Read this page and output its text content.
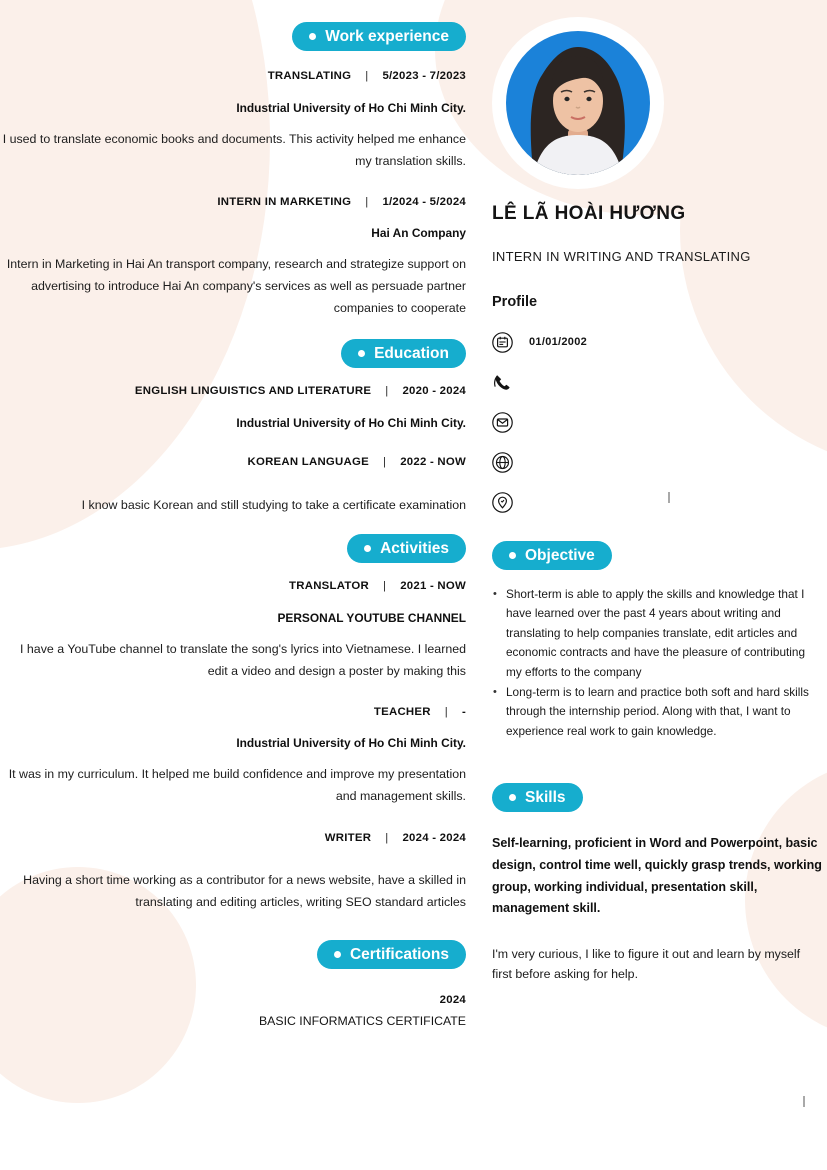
Work experience
TRANSLATING | 5/2023 - 7/2023
Industrial University of Ho Chi Minh City.
I used to translate economic books and documents. This activity helped me enhance my translation skills.
INTERN IN MARKETING | 1/2024 - 5/2024
Hai An Company
Intern in Marketing in Hai An transport company, research and strategize support on advertising to introduce Hai An company's services as well as persuade partner companies to cooperate
Education
ENGLISH LINGUISTICS AND LITERATURE | 2020 - 2024
Industrial University of Ho Chi Minh City.
KOREAN LANGUAGE | 2022 - NOW
I know basic Korean and still studying to take a certificate examination
Activities
TRANSLATOR | 2021 - NOW
PERSONAL YOUTUBE CHANNEL
I have a YouTube channel to translate the song's lyrics into Vietnamese. I learned edit a video and design a poster by making this
TEACHER | -
Industrial University of Ho Chi Minh City.
It was in my curriculum. It helped me build confidence and improve my presentation and management skills.
WRITER | 2024 - 2024
Having a short time working as a contributor for a news website, have a skilled in translating and editing articles, writing SEO standard articles
Certifications
2024
BASIC INFORMATICS CERTIFICATE
LÊ LÃ HOÀI HƯƠNG
INTERN IN WRITING AND TRANSLATING
Profile
01/01/2002
Objective
• Short-term is able to apply the skills and knowledge that I have learned over the past 4 years about writing and translating to help companies translate, edit articles and economic contracts and have the pleasure of contributing my efforts to the company
• Long-term is to learn and practice both soft and hard skills through the internship period. Along with that, I want to experience real work to gain knowledge.
Skills
Self-learning, proficient in Word and Powerpoint, basic design, control time well, quickly grasp trends, working group, working individual, presentation skill, management skill.
I'm very curious, I like to figure it out and learn by myself first before asking for help.
